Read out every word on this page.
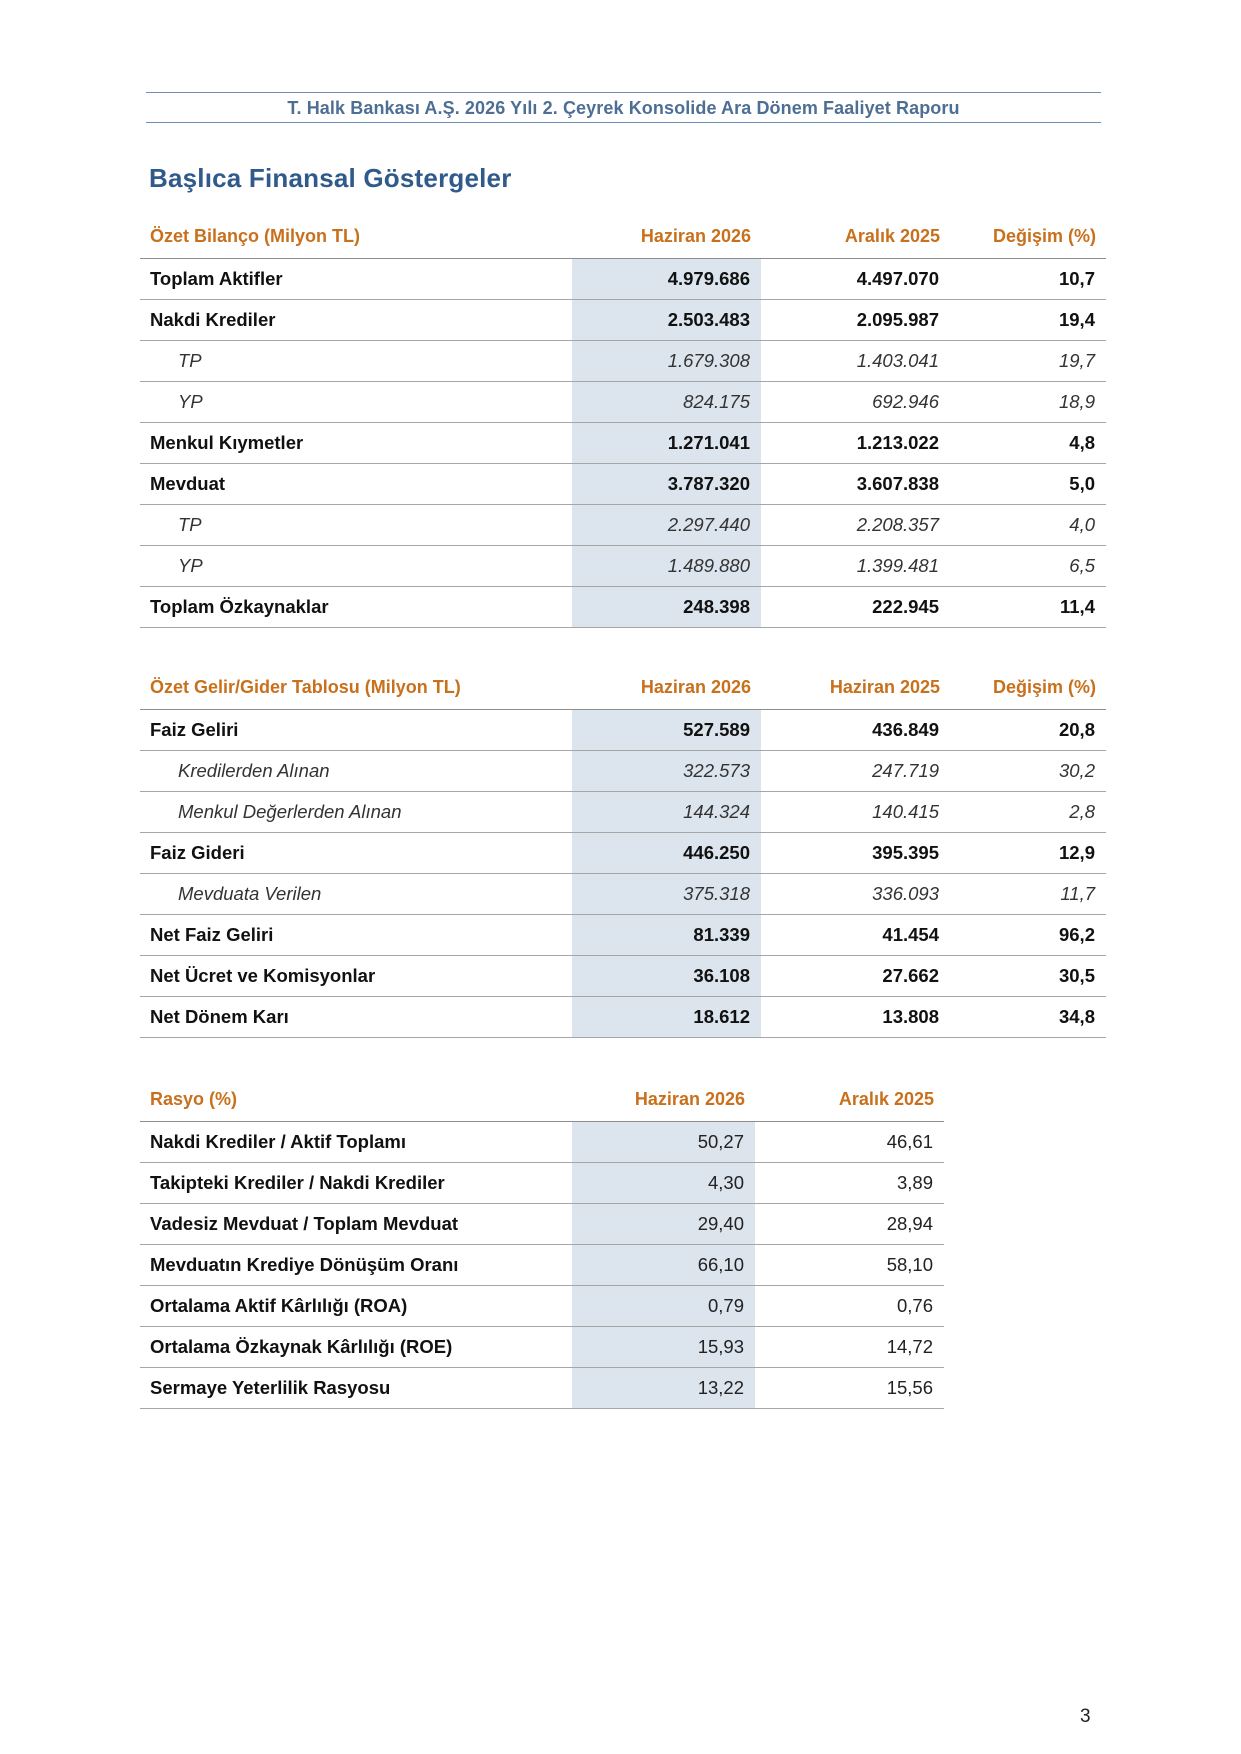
T. Halk Bankası A.Ş. 2026 Yılı 2. Çeyrek Konsolide Ara Dönem Faaliyet Raporu
Başlıca Finansal Göstergeler
Özet Bilanço (Milyon TL)	Haziran 2026	Aralık 2025	Değişim (%)
Toplam Aktifler	4.979.686	4.497.070	10,7
Nakdi Krediler	2.503.483	2.095.987	19,4
TP	1.679.308	1.403.041	19,7
YP	824.175	692.946	18,9
Menkul Kıymetler	1.271.041	1.213.022	4,8
Mevduat	3.787.320	3.607.838	5,0
TP	2.297.440	2.208.357	4,0
YP	1.489.880	1.399.481	6,5
Toplam Özkaynaklar	248.398	222.945	11,4
Özet Gelir/Gider Tablosu (Milyon TL)	Haziran 2026	Haziran 2025	Değişim (%)
Faiz Geliri	527.589	436.849	20,8
Kredilerden Alınan	322.573	247.719	30,2
Menkul Değerlerden Alınan	144.324	140.415	2,8
Faiz Gideri	446.250	395.395	12,9
Mevduata Verilen	375.318	336.093	11,7
Net Faiz Geliri	81.339	41.454	96,2
Net Ücret ve Komisyonlar	36.108	27.662	30,5
Net Dönem Karı	18.612	13.808	34,8
Rasyo (%)	Haziran 2026	Aralık 2025
Nakdi Krediler / Aktif Toplamı	50,27	46,61
Takipteki Krediler / Nakdi Krediler	4,30	3,89
Vadesiz Mevduat / Toplam Mevduat	29,40	28,94
Mevduatın Krediye Dönüşüm Oranı	66,10	58,10
Ortalama Aktif Kârlılığı (ROA)	0,79	0,76
Ortalama Özkaynak Kârlılığı (ROE)	15,93	14,72
Sermaye Yeterlilik Rasyosu	13,22	15,56
3
